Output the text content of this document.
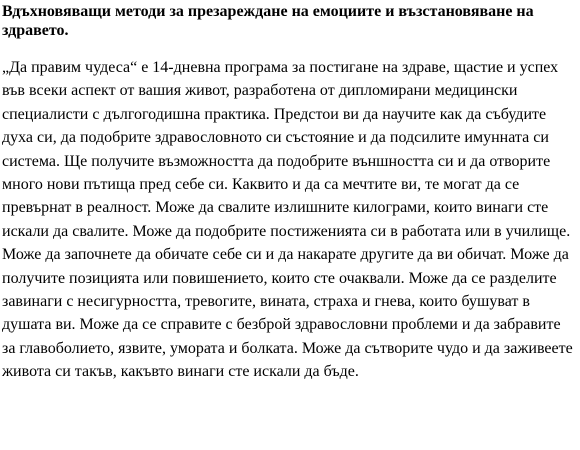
Вдъхновяващи методи за презареждане на емоциите и възстановяване на здравето.

„Да правим чудеса“ е 14-дневна програма за постигане на здраве, щастие и успех във всеки аспект от вашия живот, разработена от дипломирани медицински специалисти с дългогодишна практика. Предстои ви да научите как да събудите духа си, да подобрите здравословното си състояние и да подсилите имунната си система. Ще получите възможността да подобрите външността си и да отворите много нови пътища пред себе си. Каквито и да са мечтите ви, те могат да се превърнат в реалност. Може да свалите излишните килограми, които винаги сте искали да свалите. Може да подобрите постиженията си в работата или в училище. Може да започнете да обичате себе си и да накарате другите да ви обичат. Може да получите позицията или повишението, които сте очаквали. Може да се разделите завинаги с несигурността, тревогите, вината, страха и гнева, които бушуват в душата ви. Може да се справите с безброй здравословни проблеми и да забравите за главоболието, язвите, умората и болката. Може да сътворите чудо и да заживеете живота си такъв, какъвто винаги сте искали да бъде.
